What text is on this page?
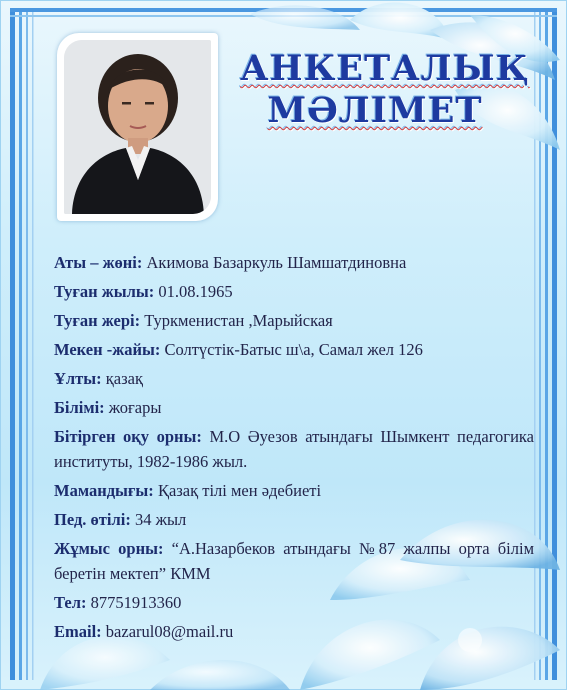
АНКЕТАЛЫҚ
МӘЛІМЕТ
Аты – жөні: Акимова Базаркуль Шамшатдиновна
Туған жылы: 01.08.1965
Туған жері: Туркменистан ,Марыйская
Мекен -жайы: Солтүстік-Батыс ш\а, Самал жел 126
Ұлты: қазақ
Білімі: жоғары
Бітірген оқу орны: М.О Әуезов атындағы Шымкент педагогика институты, 1982-1986 жыл.
Мамандығы: Қазақ тілі мен әдебиеті
Пед. өтілі: 34 жыл
Жұмыс орны: “А.Назарбеков атындағы №87 жалпы орта білім беретін мектеп” КММ
Тел: 87751913360
Email: bazarul08@mail.ru
